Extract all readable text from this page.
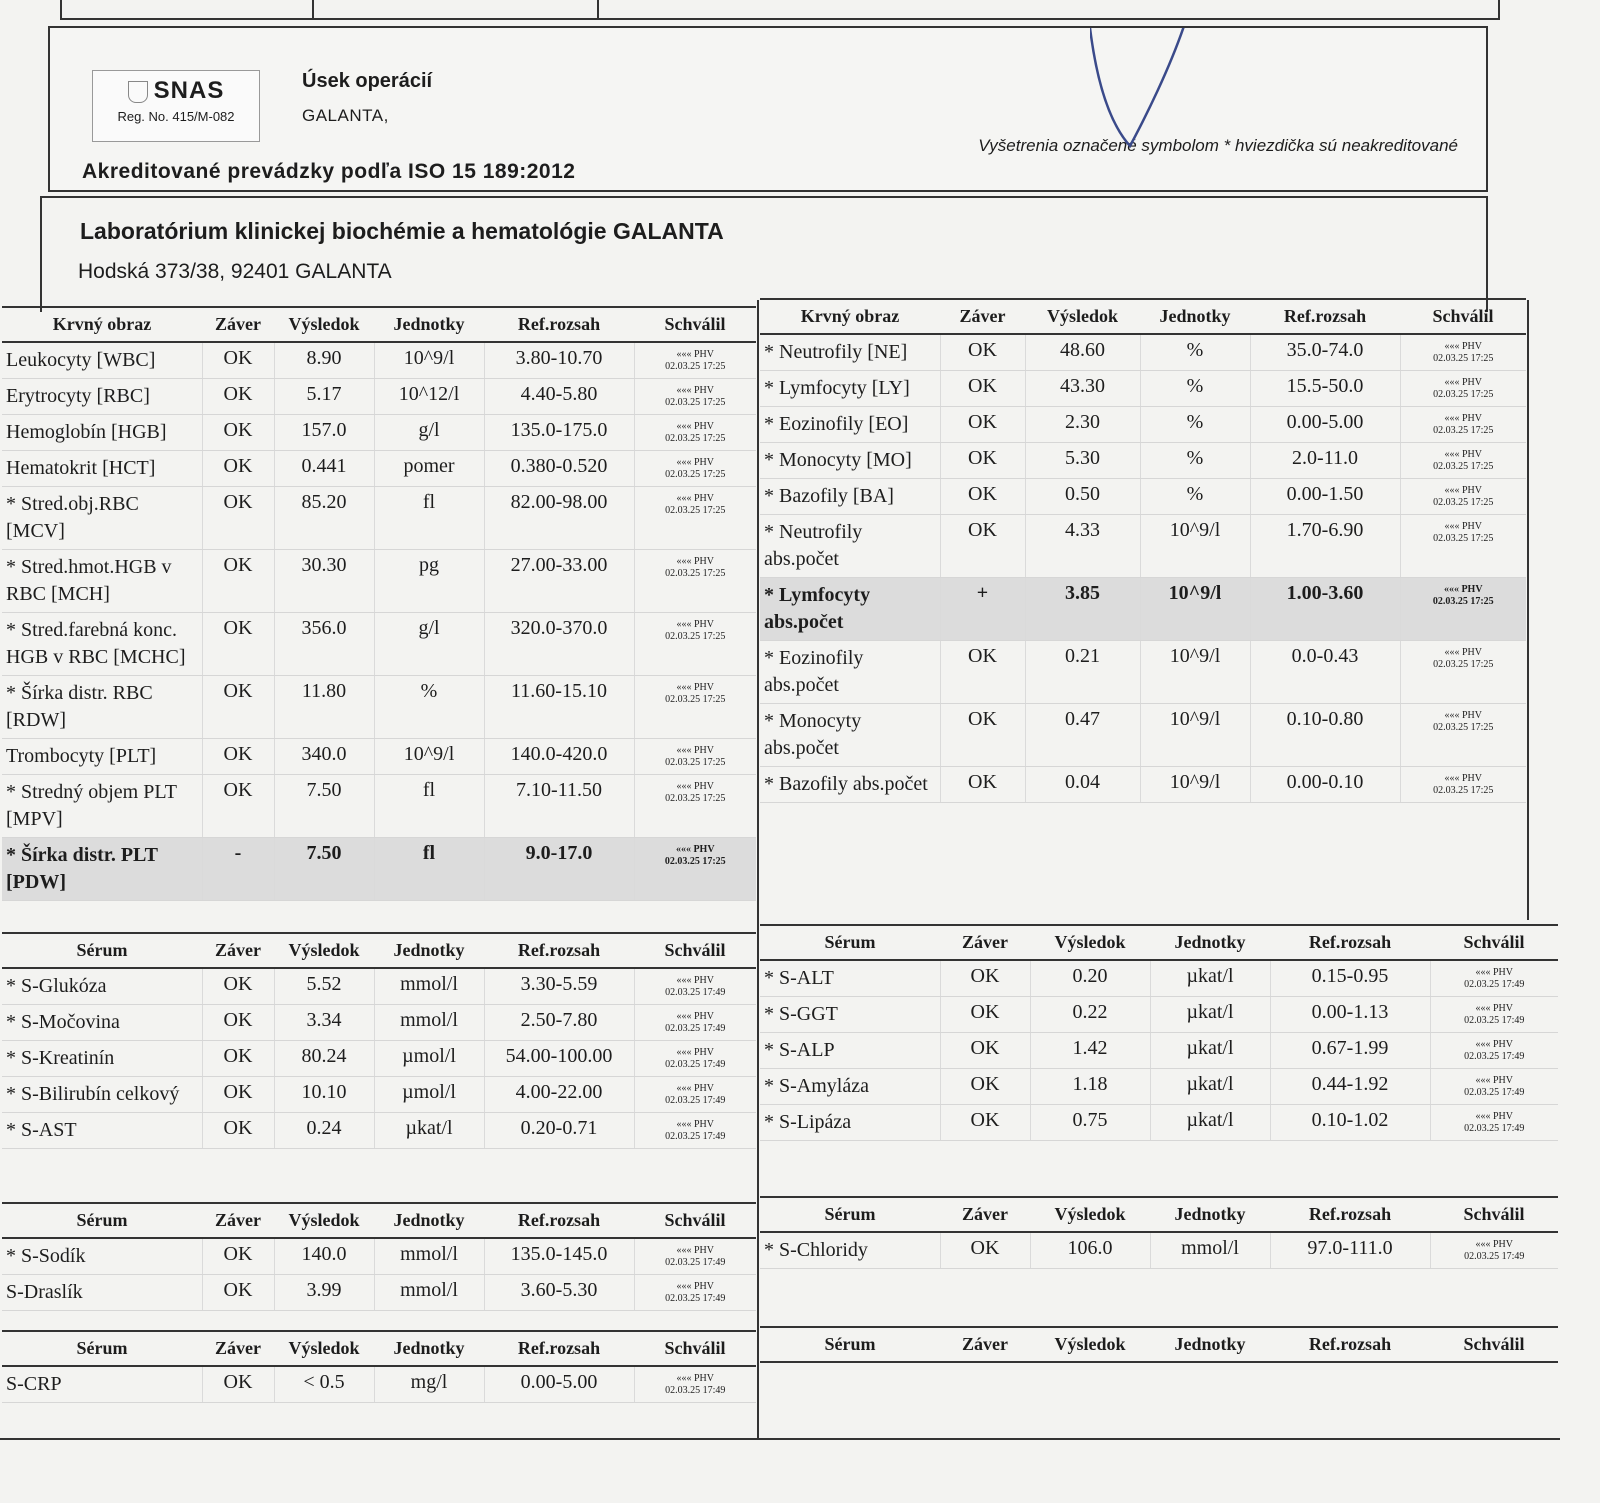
SNAS
Reg. No. 415/M-082
Úsek operácií
GALANTA,
Vyšetrenia označené symbolom * hviezdička sú neakreditované
Akreditované prevádzky podľa ISO 15 189:2012
Laboratórium klinickej biochémie a hematológie GALANTA
Hodská 373/38, 92401 GALANTA
Krvný obraz	Záver	Výsledok	Jednotky	Ref.rozsah	Schválil
Leukocyty [WBC]	OK	8.90	10^9/l	3.80-10.70	««« PHV
02.03.25 17:25

Erytrocyty [RBC]	OK	5.17	10^12/l	4.40-5.80	««« PHV
02.03.25 17:25

Hemoglobín [HGB]	OK	157.0	g/l	135.0-175.0	««« PHV
02.03.25 17:25

Hematokrit [HCT]	OK	0.441	pomer	0.380-0.520	««« PHV
02.03.25 17:25

* Stred.obj.RBC [MCV]	OK	85.20	fl	82.00-98.00	««« PHV
02.03.25 17:25

* Stred.hmot.HGB v RBC [MCH]	OK	30.30	pg	27.00-33.00	««« PHV
02.03.25 17:25

* Stred.farebná konc. HGB v RBC [MCHC]	OK	356.0	g/l	320.0-370.0	««« PHV
02.03.25 17:25

* Šírka distr. RBC [RDW]	OK	11.80	%	11.60-15.10	««« PHV
02.03.25 17:25

Trombocyty [PLT]	OK	340.0	10^9/l	140.0-420.0	««« PHV
02.03.25 17:25

* Stredný objem PLT [MPV]	OK	7.50	fl	7.10-11.50	««« PHV
02.03.25 17:25

* Šírka distr. PLT [PDW]	-	7.50	fl	9.0-17.0	««« PHV
02.03.25 17:25
Krvný obraz	Záver	Výsledok	Jednotky	Ref.rozsah	Schválil
* Neutrofily [NE]	OK	48.60	%	35.0-74.0	««« PHV
02.03.25 17:25

* Lymfocyty [LY]	OK	43.30	%	15.5-50.0	««« PHV
02.03.25 17:25

* Eozinofily [EO]	OK	2.30	%	0.00-5.00	««« PHV
02.03.25 17:25

* Monocyty [MO]	OK	5.30	%	2.0-11.0	««« PHV
02.03.25 17:25

* Bazofily [BA]	OK	0.50	%	0.00-1.50	««« PHV
02.03.25 17:25

* Neutrofily abs.počet	OK	4.33	10^9/l	1.70-6.90	««« PHV
02.03.25 17:25

* Lymfocyty abs.počet	+	3.85	10^9/l	1.00-3.60	««« PHV
02.03.25 17:25

* Eozinofily abs.počet	OK	0.21	10^9/l	0.0-0.43	««« PHV
02.03.25 17:25

* Monocyty abs.počet	OK	0.47	10^9/l	0.10-0.80	««« PHV
02.03.25 17:25

* Bazofily abs.počet	OK	0.04	10^9/l	0.00-0.10	««« PHV
02.03.25 17:25
Sérum	Záver	Výsledok	Jednotky	Ref.rozsah	Schválil
* S-Glukóza	OK	5.52	mmol/l	3.30-5.59	««« PHV
02.03.25 17:49

* S-Močovina	OK	3.34	mmol/l	2.50-7.80	««« PHV
02.03.25 17:49

* S-Kreatinín	OK	80.24	µmol/l	54.00-100.00	««« PHV
02.03.25 17:49

* S-Bilirubín celkový	OK	10.10	µmol/l	4.00-22.00	««« PHV
02.03.25 17:49

* S-AST	OK	0.24	µkat/l	0.20-0.71	««« PHV
02.03.25 17:49
Sérum	Záver	Výsledok	Jednotky	Ref.rozsah	Schválil
* S-ALT	OK	0.20	µkat/l	0.15-0.95	««« PHV
02.03.25 17:49

* S-GGT	OK	0.22	µkat/l	0.00-1.13	««« PHV
02.03.25 17:49

* S-ALP	OK	1.42	µkat/l	0.67-1.99	««« PHV
02.03.25 17:49

* S-Amyláza	OK	1.18	µkat/l	0.44-1.92	««« PHV
02.03.25 17:49

* S-Lipáza	OK	0.75	µkat/l	0.10-1.02	««« PHV
02.03.25 17:49
Sérum	Záver	Výsledok	Jednotky	Ref.rozsah	Schválil
* S-Sodík	OK	140.0	mmol/l	135.0-145.0	««« PHV
02.03.25 17:49

S-Draslík	OK	3.99	mmol/l	3.60-5.30	««« PHV
02.03.25 17:49
Sérum	Záver	Výsledok	Jednotky	Ref.rozsah	Schválil
* S-Chloridy	OK	106.0	mmol/l	97.0-111.0	««« PHV
02.03.25 17:49
Sérum	Záver	Výsledok	Jednotky	Ref.rozsah	Schválil
S-CRP	OK	< 0.5	mg/l	0.00-5.00	««« PHV
02.03.25 17:49
Sérum	Záver	Výsledok	Jednotky	Ref.rozsah	Schválil
